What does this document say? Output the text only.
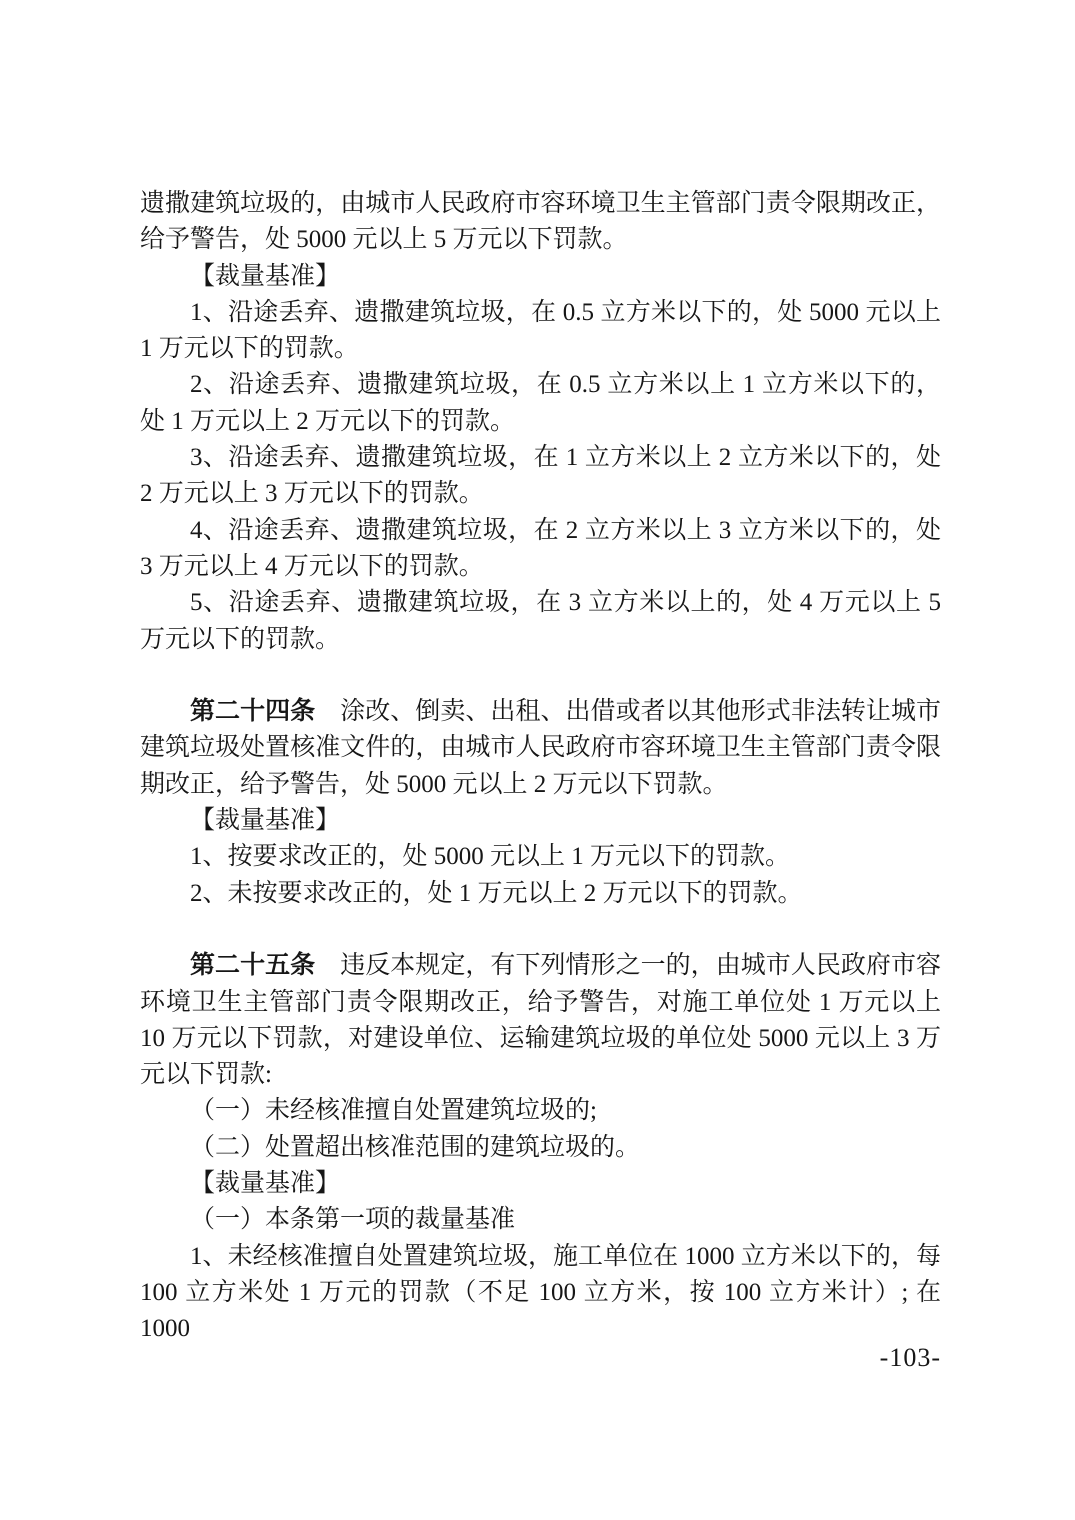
遗撒建筑垃圾的，由城市人民政府市容环境卫生主管部门责令限期改正，给予警告，处 5000 元以上 5 万元以下罚款。

【裁量基准】

1、沿途丢弃、遗撒建筑垃圾，在 0.5 立方米以下的，处 5000 元以上 1 万元以下的罚款。

2、沿途丢弃、遗撒建筑垃圾，在 0.5 立方米以上 1 立方米以下的，处 1 万元以上 2 万元以下的罚款。

3、沿途丢弃、遗撒建筑垃圾，在 1 立方米以上 2 立方米以下的，处 2 万元以上 3 万元以下的罚款。

4、沿途丢弃、遗撒建筑垃圾，在 2 立方米以上 3 立方米以下的，处 3 万元以上 4 万元以下的罚款。

5、沿途丢弃、遗撒建筑垃圾，在 3 立方米以上的，处 4 万元以上 5 万元以下的罚款。

第二十四条　涂改、倒卖、出租、出借或者以其他形式非法转让城市建筑垃圾处置核准文件的，由城市人民政府市容环境卫生主管部门责令限期改正，给予警告，处 5000 元以上 2 万元以下罚款。

【裁量基准】

1、按要求改正的，处 5000 元以上 1 万元以下的罚款。

2、未按要求改正的，处 1 万元以上 2 万元以下的罚款。

第二十五条　违反本规定，有下列情形之一的，由城市人民政府市容环境卫生主管部门责令限期改正，给予警告，对施工单位处 1 万元以上 10 万元以下罚款，对建设单位、运输建筑垃圾的单位处 5000 元以上 3 万元以下罚款:

（一）未经核准擅自处置建筑垃圾的;

（二）处置超出核准范围的建筑垃圾的。

【裁量基准】

（一）本条第一项的裁量基准

1、未经核准擅自处置建筑垃圾，施工单位在 1000 立方米以下的，每 100 立方米处 1 万元的罚款（不足 100 立方米，按 100 立方米计）; 在 1000

-103-
